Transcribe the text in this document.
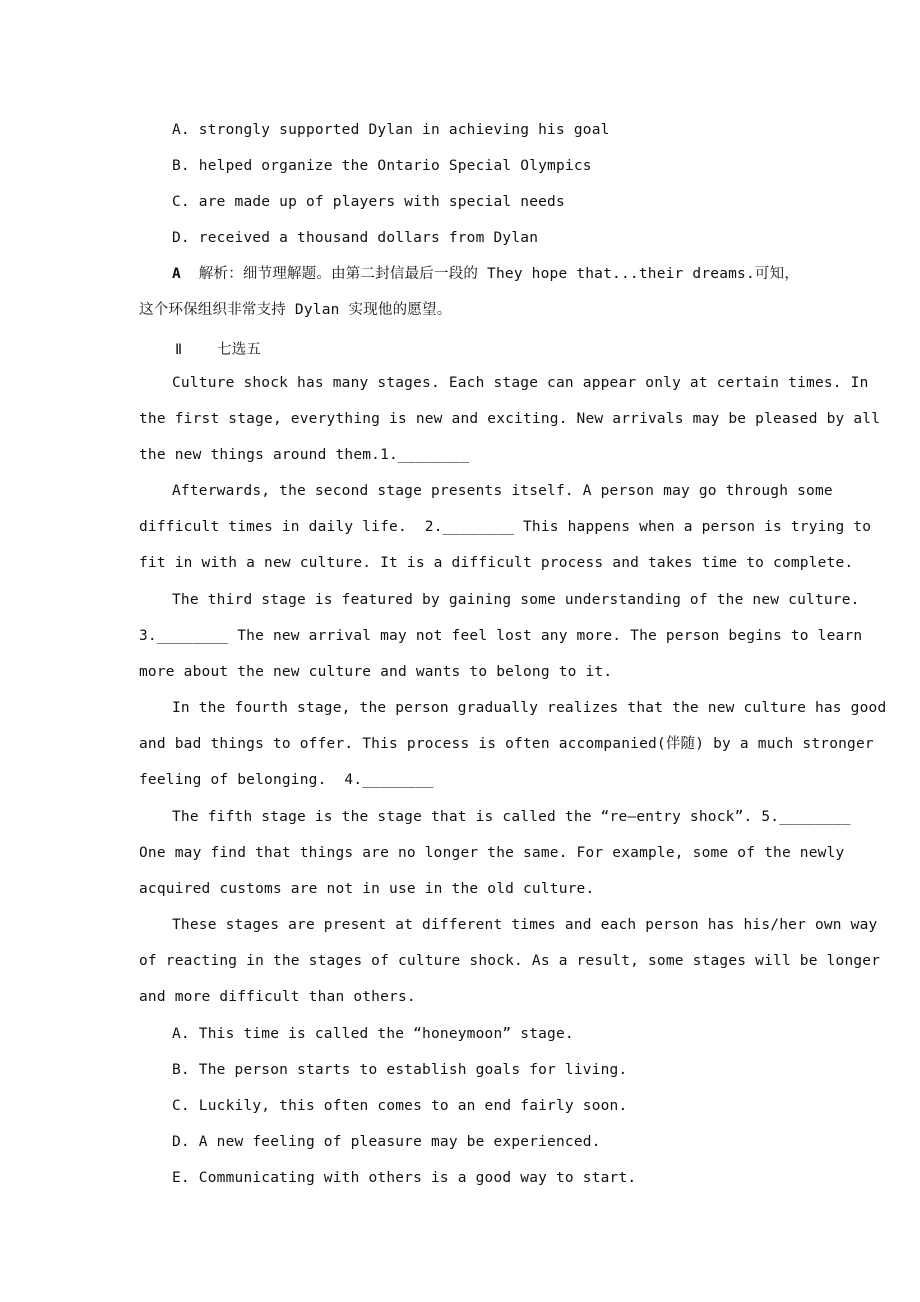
A. strongly supported Dylan in achieving his goal
B. helped organize the Ontario Special Olympics
C. are made up of players with special needs
D. received a thousand dollars from Dylan
A  解析：细节理解题。由第二封信最后一段的 They hope that...their dreams.可知，
这个环保组织非常支持 Dylan 实现他的愿望。
Ⅱ 七选五
Culture shock has many stages. Each stage can appear only at certain times. In
the first stage, everything is new and exciting. New arrivals may be pleased by all
the new things around them.1.________
Afterwards, the second stage presents itself. A person may go through some
difficult times in daily life.  2.________ This happens when a person is trying to
fit in with a new culture. It is a difficult process and takes time to complete.
The third stage is featured by gaining some understanding of the new culture.
3.________ The new arrival may not feel lost any more. The person begins to learn
more about the new culture and wants to belong to it.
In the fourth stage, the person gradually realizes that the new culture has good
and bad things to offer. This process is often accompanied(伴随) by a much stronger
feeling of belonging.  4.________
The fifth stage is the stage that is called the “re—entry shock”. 5.________
One may find that things are no longer the same. For example, some of the newly
acquired customs are not in use in the old culture.
These stages are present at different times and each person has his/her own way
of reacting in the stages of culture shock. As a result, some stages will be longer
and more difficult than others.
A. This time is called the “honeymoon” stage.
B. The person starts to establish goals for living.
C. Luckily, this often comes to an end fairly soon.
D. A new feeling of pleasure may be experienced.
E. Communicating with others is a good way to start.
